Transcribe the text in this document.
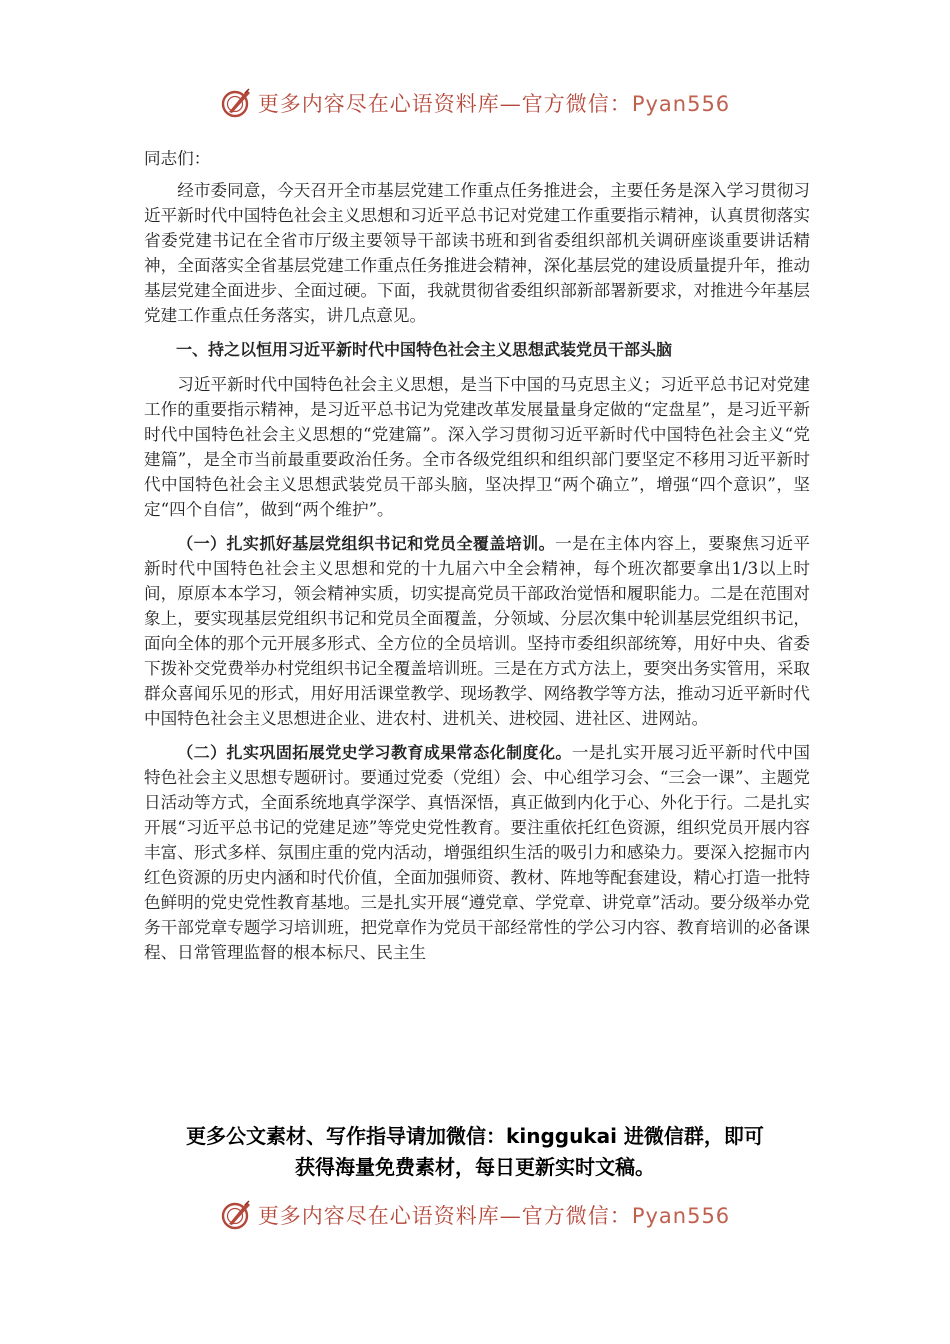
更多内容尽在心语资料库—官方微信：Pyan556

同志们：

经市委同意，今天召开全市基层党建工作重点任务推进会，主要任务是深入学习贯彻习近平新时代中国特色社会主义思想和习近平总书记对党建工作重要指示精神，认真贯彻落实省委党建书记在全省市厅级主要领导干部读书班和到省委组织部机关调研座谈重要讲话精神，全面落实全省基层党建工作重点任务推进会精神，深化基层党的建设质量提升年，推动基层党建全面进步、全面过硬。下面，我就贯彻省委组织部新部署新要求，对推进今年基层党建工作重点任务落实，讲几点意见。

一、持之以恒用习近平新时代中国特色社会主义思想武装党员干部头脑

习近平新时代中国特色社会主义思想，是当下中国的马克思主义；习近平总书记对党建工作的重要指示精神，是习近平总书记为党建改革发展量量身定做的“定盘星”，是习近平新时代中国特色社会主义思想的“党建篇”。深入学习贯彻习近平新时代中国特色社会主义“党建篇”，是全市当前最重要政治任务。全市各级党组织和组织部门要坚定不移用习近平新时代中国特色社会主义思想武装党员干部头脑，坚决捍卫“两个确立”，增强“四个意识”，坚定“四个自信”，做到“两个维护”。

（一）扎实抓好基层党组织书记和党员全覆盖培训。一是在主体内容上，要聚焦习近平新时代中国特色社会主义思想和党的十九届六中全会精神，每个班次都要拿出1/3以上时间，原原本本学习，领会精神实质，切实提高党员干部政治觉悟和履职能力。二是在范围对象上，要实现基层党组织书记和党员全面覆盖，分领域、分层次集中轮训基层党组织书记，面向全体的那个元开展多形式、全方位的全员培训。坚持市委组织部统筹，用好中央、省委下拨补交党费举办村党组织书记全覆盖培训班。三是在方式方法上，要突出务实管用，采取群众喜闻乐见的形式，用好用活课堂教学、现场教学、网络教学等方法，推动习近平新时代中国特色社会主义思想进企业、进农村、进机关、进校园、进社区、进网站。

（二）扎实巩固拓展党史学习教育成果常态化制度化。一是扎实开展习近平新时代中国特色社会主义思想专题研讨。要通过党委（党组）会、中心组学习会、“三会一课”、主题党日活动等方式，全面系统地真学深学、真悟深悟，真正做到内化于心、外化于行。二是扎实开展“习近平总书记的党建足迹”等党史党性教育。要注重依托红色资源，组织党员开展内容丰富、形式多样、氛围庄重的党内活动，增强组织生活的吸引力和感染力。要深入挖掘市内红色资源的历史内涵和时代价值，全面加强师资、教材、阵地等配套建设，精心打造一批特色鲜明的党史党性教育基地。三是扎实开展“遵党章、学党章、讲党章”活动。要分级举办党务干部党章专题学习培训班，把党章作为党员干部经常性的学公习内容、教育培训的必备课程、日常管理监督的根本标尺、民主生

更多公文素材、写作指导请加微信：kinggukai 进微信群，即可
获得海量免费素材，每日更新实时文稿。
更多内容尽在心语资料库—官方微信：Pyan556
